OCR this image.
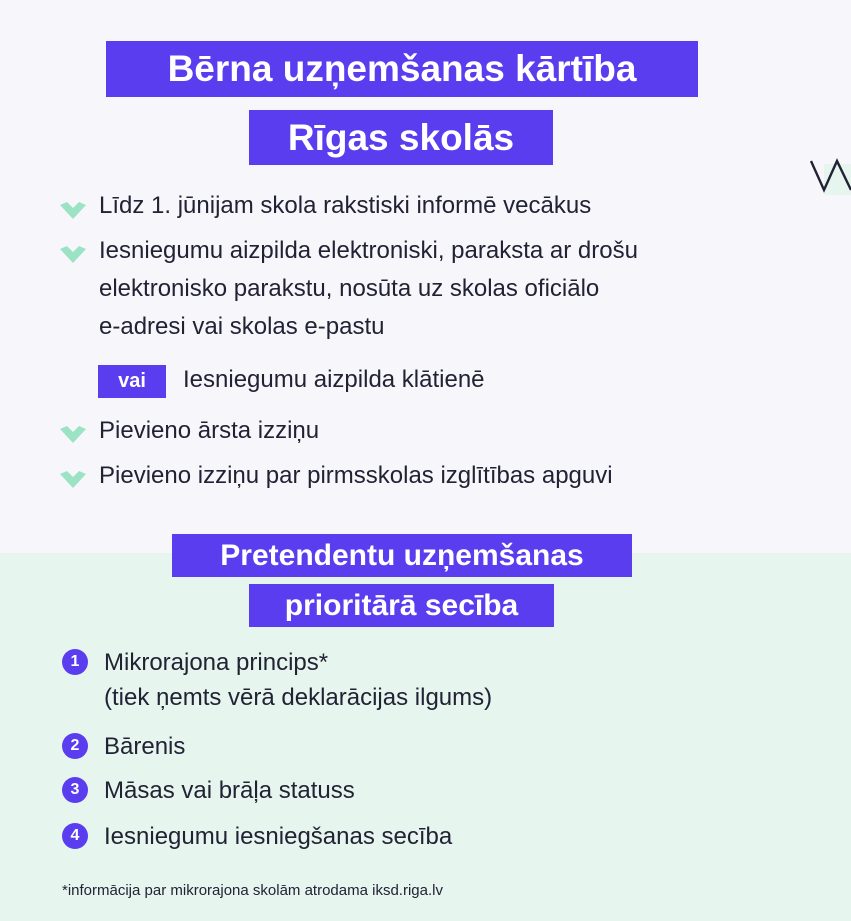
Bērna uzņemšanas kārtība
Rīgas skolās
Līdz 1. jūnijam skola rakstiski informē vecākus
Iesniegumu aizpilda elektroniski, paraksta ar drošu
elektronisko parakstu, nosūta uz skolas oficiālo
e-adresi vai skolas e-pastu
vai	Iesniegumu aizpilda klātienē
Pievieno ārsta izziņu
Pievieno izziņu par pirmsskolas izglītības apguvi
Pretendentu uzņemšanas
prioritārā secība
1	Mikrorajona princips*
(tiek ņemts vērā deklarācijas ilgums)
2	Bārenis
3	Māsas vai brāļa statuss
4	Iesniegumu iesniegšanas secība
*informācija par mikrorajona skolām atrodama iksd.riga.lv
